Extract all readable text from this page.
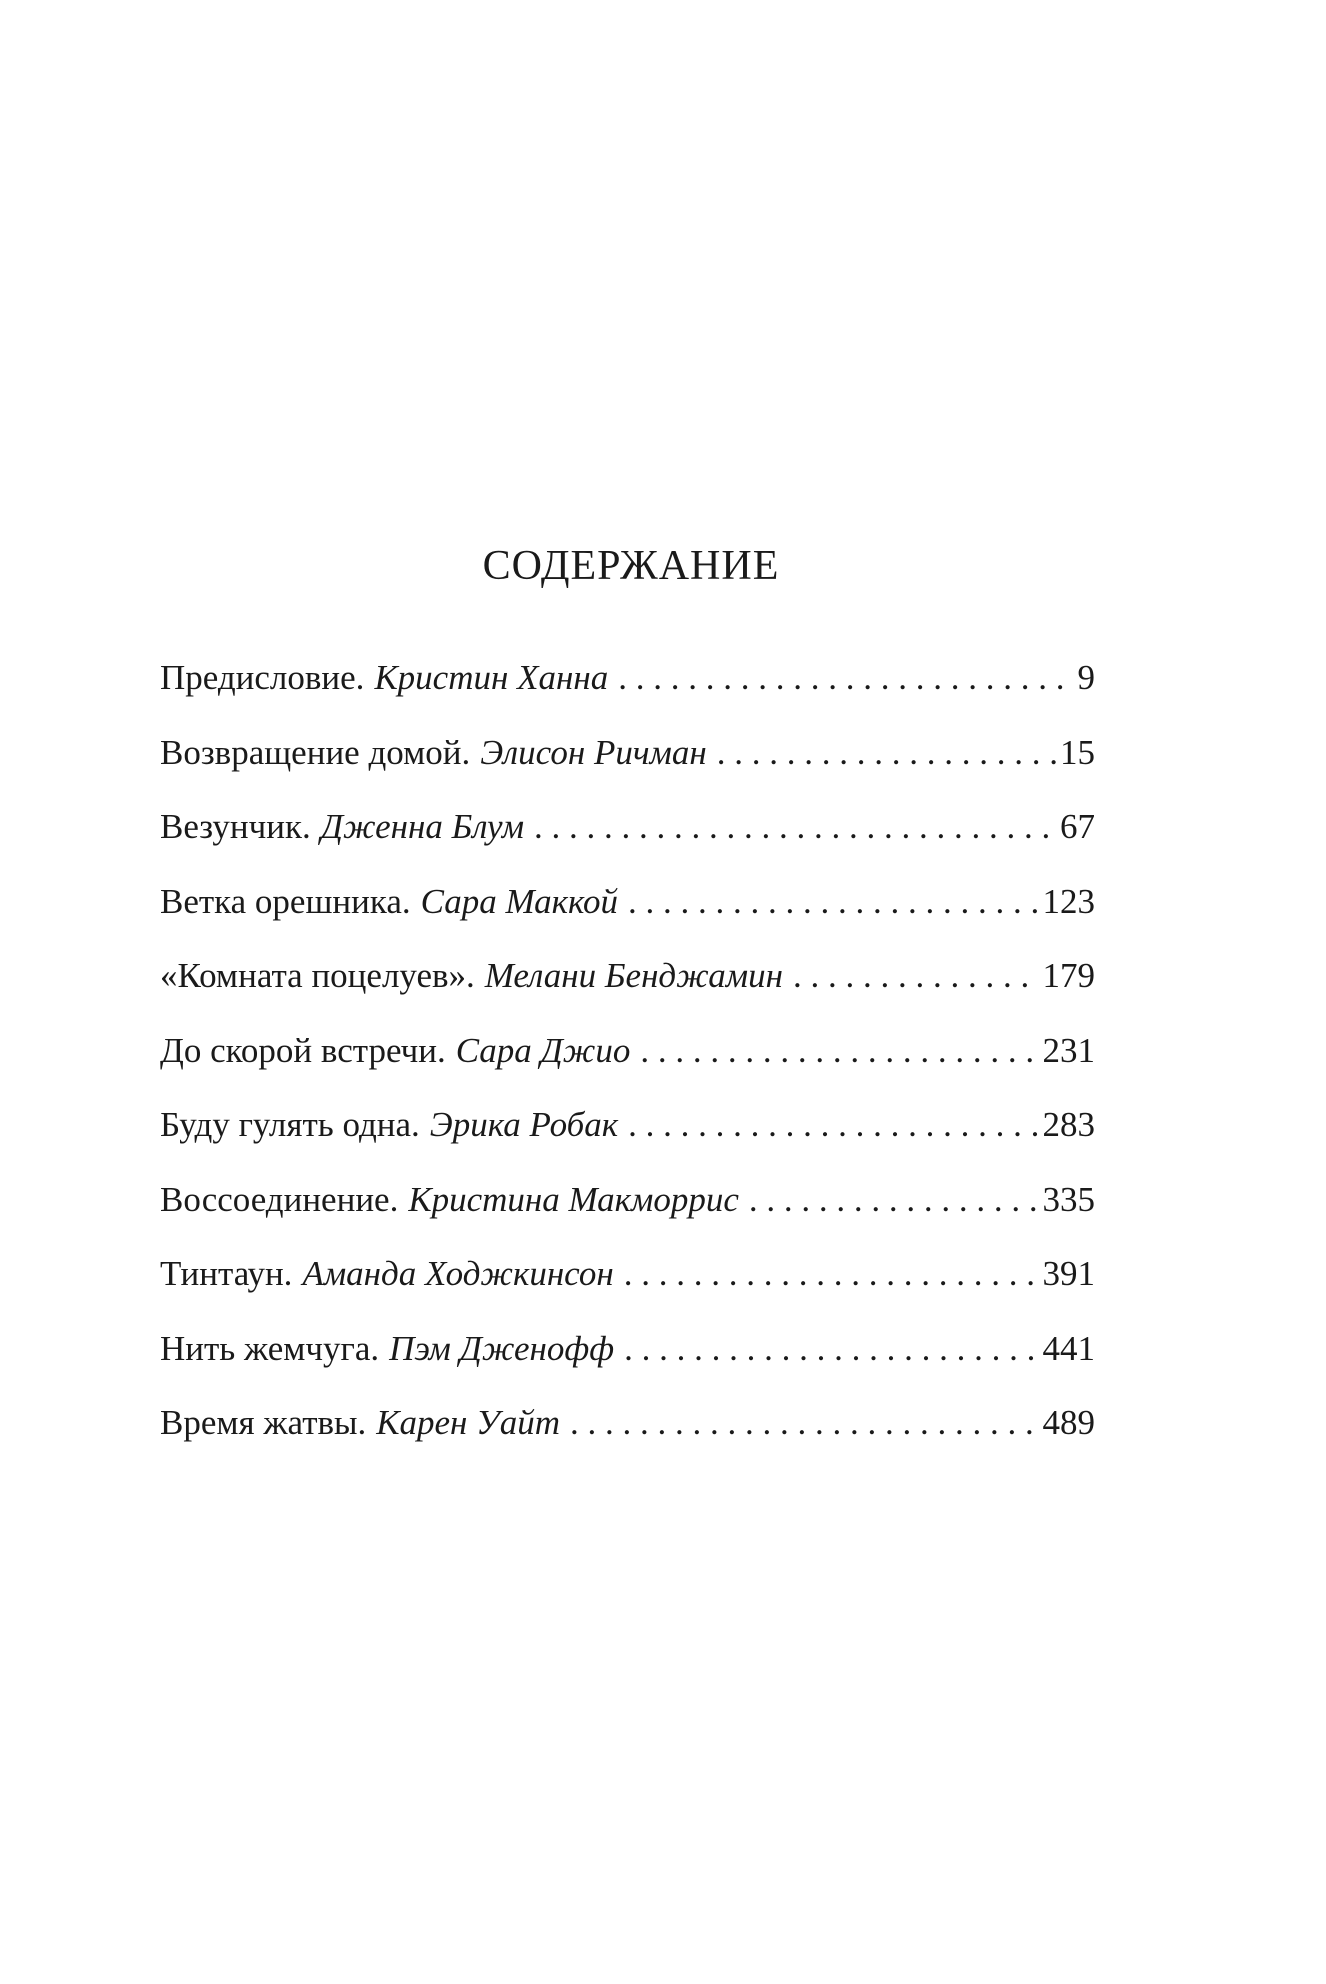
СОДЕРЖАНИЕ
Предисловие. Кристин Ханна . . .	9
Возвращение домой. Элисон Ричман . . .	15
Везунчик. Дженна Блум . . .	67
Ветка орешника. Сара Маккой . . .	123
«Комната поцелуев». Мелани Бенджамин . . .	179
До скорой встречи. Сара Джио . . .	231
Буду гулять одна. Эрика Робак . . .	283
Воссоединение. Кристина Макморрис . . .	335
Тинтаун. Аманда Ходжкинсон . . .	391
Нить жемчуга. Пэм Дженофф . . .	441
Время жатвы. Карен Уайт . . .	489
